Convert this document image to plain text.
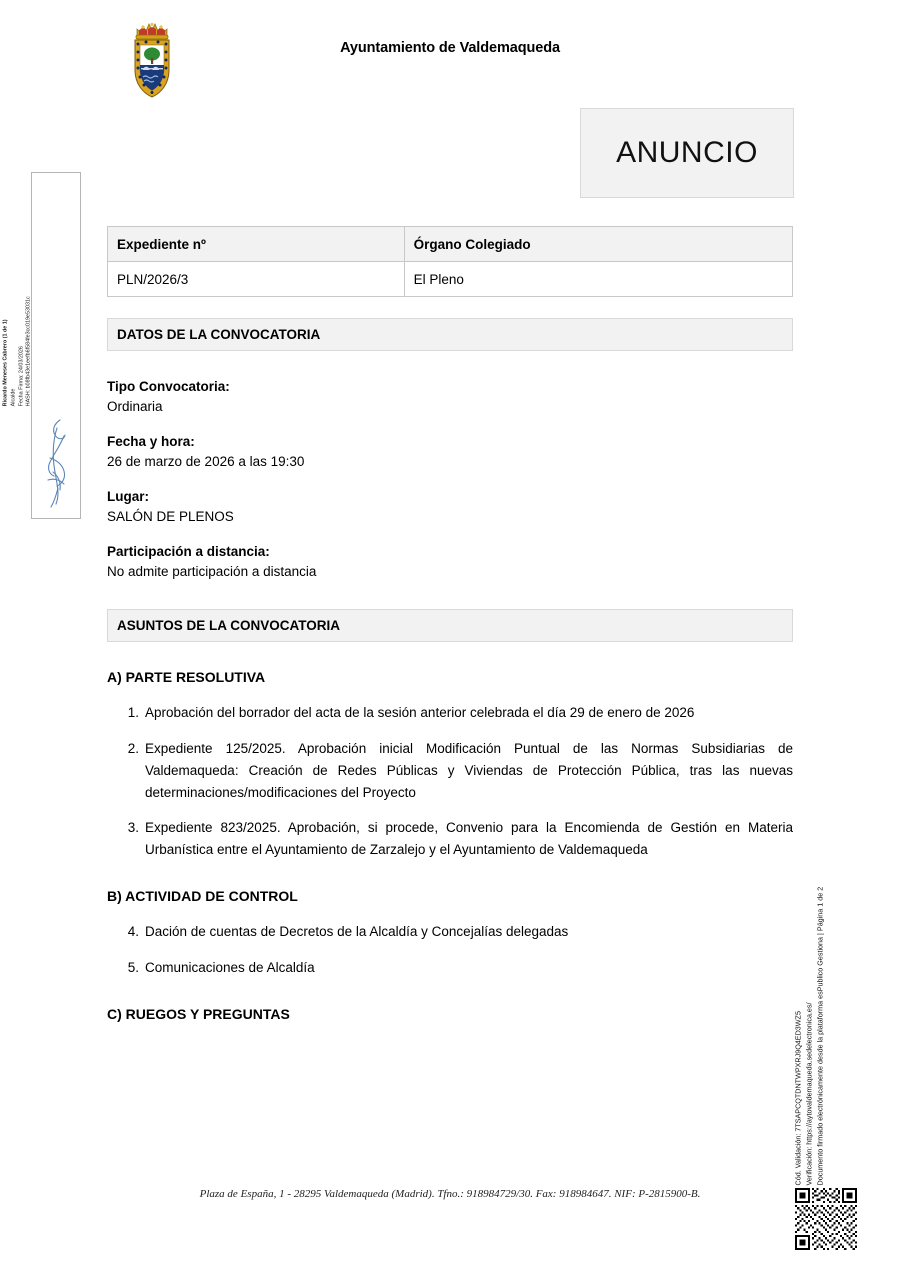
Ayuntamiento de Valdemaqueda
ANUNCIO
Expediente nº	Órgano Colegiado
PLN/2026/3	El Pleno
DATOS DE LA CONVOCATORIA
Tipo Convocatoria:
Ordinaria
Fecha y hora:
26 de marzo de 2026 a las 19:30
Lugar:
SALÓN DE PLENOS
Participación a distancia:
No admite participación a distancia
ASUNTOS DE LA CONVOCATORIA
A) PARTE RESOLUTIVA
1. Aprobación del borrador del acta de la sesión anterior celebrada el día 29 de enero de 2026
2. Expediente 125/2025. Aprobación inicial Modificación Puntual de las Normas Subsidiarias de Valdemaqueda: Creación de Redes Públicas y Viviendas de Protección Pública, tras las nuevas determinaciones/modificaciones del Proyecto
3. Expediente 823/2025. Aprobación, si procede, Convenio para la Encomienda de Gestión en Materia Urbanística entre el Ayuntamiento de Zarzalejo y el Ayuntamiento de Valdemaqueda
B) ACTIVIDAD DE CONTROL
4. Dación de cuentas de Decretos de la Alcaldía y Concejalías delegadas
5. Comunicaciones de Alcaldía
C) RUEGOS Y PREGUNTAS
Plaza de España, 1 - 28295 Valdemaqueda (Madrid). Tfno.: 918984729/30. Fax: 918984647. NIF: P-2815900-B.
Ricardo Meneses Cabrero (1 de 1) Alcalde Fecha Firma: 24/03/2026 HASH: b08fb43e1eefb6f584fe3cc019e53031c
Cód. Validación: 7TSAPCQTDNTWPXRJ9Q4ED3WZ5 Verificación: https://aytovaldemaqueda.sedelectronica.es/ Documento firmado electrónicamente desde la plataforma esPublico Gestiona | Página 1 de 2
